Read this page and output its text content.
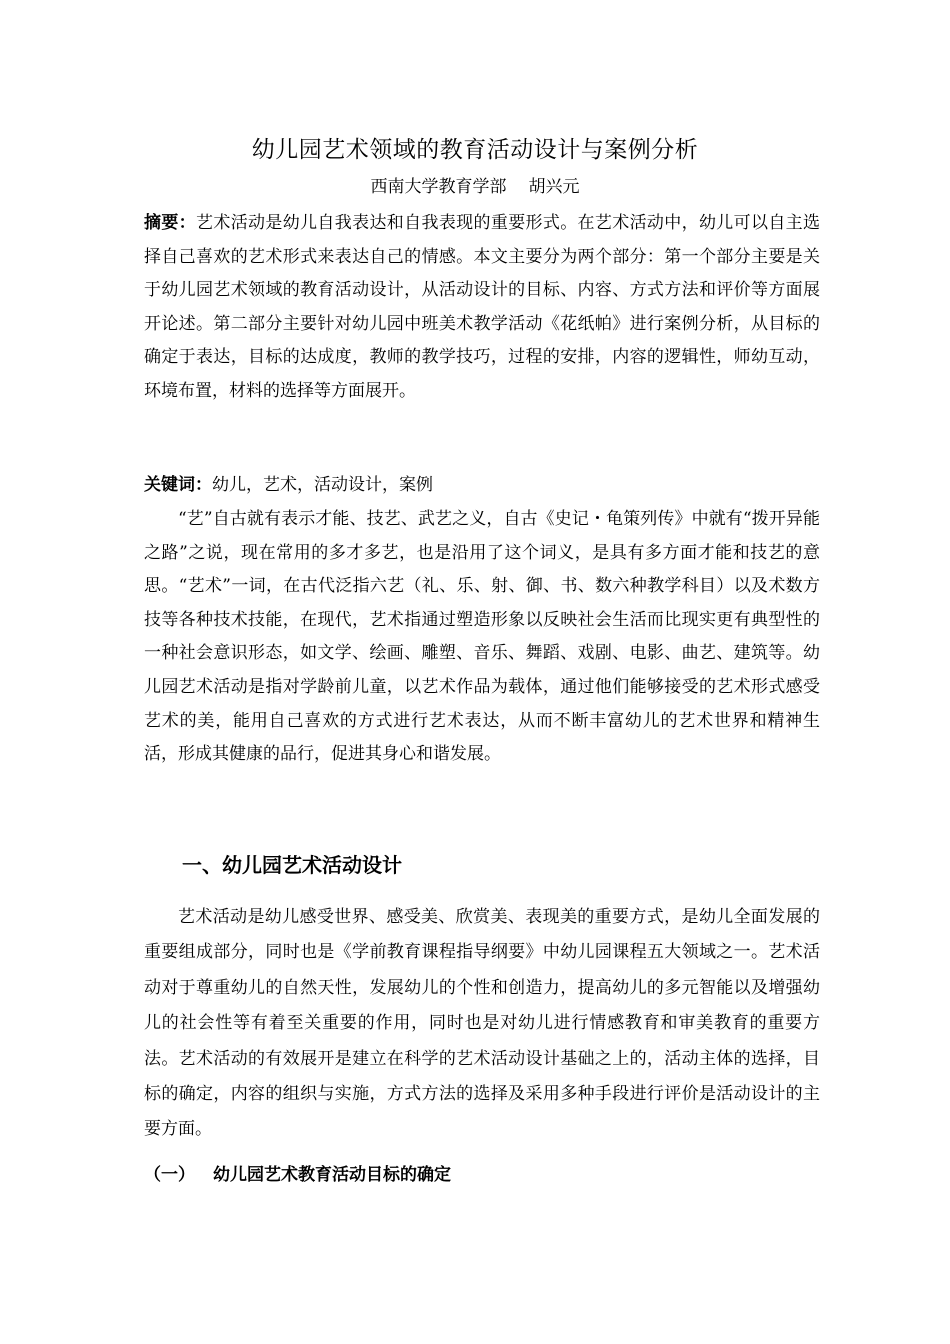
幼儿园艺术领域的教育活动设计与案例分析
西南大学教育学部 胡兴元
摘要：艺术活动是幼儿自我表达和自我表现的重要形式。在艺术活动中，幼儿可以自主选择自己喜欢的艺术形式来表达自己的情感。本文主要分为两个部分：第一个部分主要是关于幼儿园艺术领域的教育活动设计，从活动设计的目标、内容、方式方法和评价等方面展开论述。第二部分主要针对幼儿园中班美术教学活动《花纸帕》进行案例分析，从目标的确定于表达，目标的达成度，教师的教学技巧，过程的安排，内容的逻辑性，师幼互动，环境布置，材料的选择等方面展开。
关键词：幼儿，艺术，活动设计，案例
“艺”自古就有表示才能、技艺、武艺之义，自古《史记・龟策列传》中就有“拨开异能之路”之说，现在常用的多才多艺，也是沿用了这个词义，是具有多方面才能和技艺的意思。“艺术”一词，在古代泛指六艺（礼、乐、射、御、书、数六种教学科目）以及术数方技等各种技术技能，在现代，艺术指通过塑造形象以反映社会生活而比现实更有典型性的一种社会意识形态，如文学、绘画、雕塑、音乐、舞蹈、戏剧、电影、曲艺、建筑等。幼儿园艺术活动是指对学龄前儿童，以艺术作品为载体，通过他们能够接受的艺术形式感受艺术的美，能用自己喜欢的方式进行艺术表达，从而不断丰富幼儿的艺术世界和精神生活，形成其健康的品行，促进其身心和谐发展。
一、幼儿园艺术活动设计
艺术活动是幼儿感受世界、感受美、欣赏美、表现美的重要方式，是幼儿全面发展的重要组成部分，同时也是《学前教育课程指导纲要》中幼儿园课程五大领域之一。艺术活动对于尊重幼儿的自然天性，发展幼儿的个性和创造力，提高幼儿的多元智能以及增强幼儿的社会性等有着至关重要的作用，同时也是对幼儿进行情感教育和审美教育的重要方法。艺术活动的有效展开是建立在科学的艺术活动设计基础之上的，活动主体的选择，目标的确定，内容的组织与实施，方式方法的选择及采用多种手段进行评价是活动设计的主要方面。
（一） 幼儿园艺术教育活动目标的确定
